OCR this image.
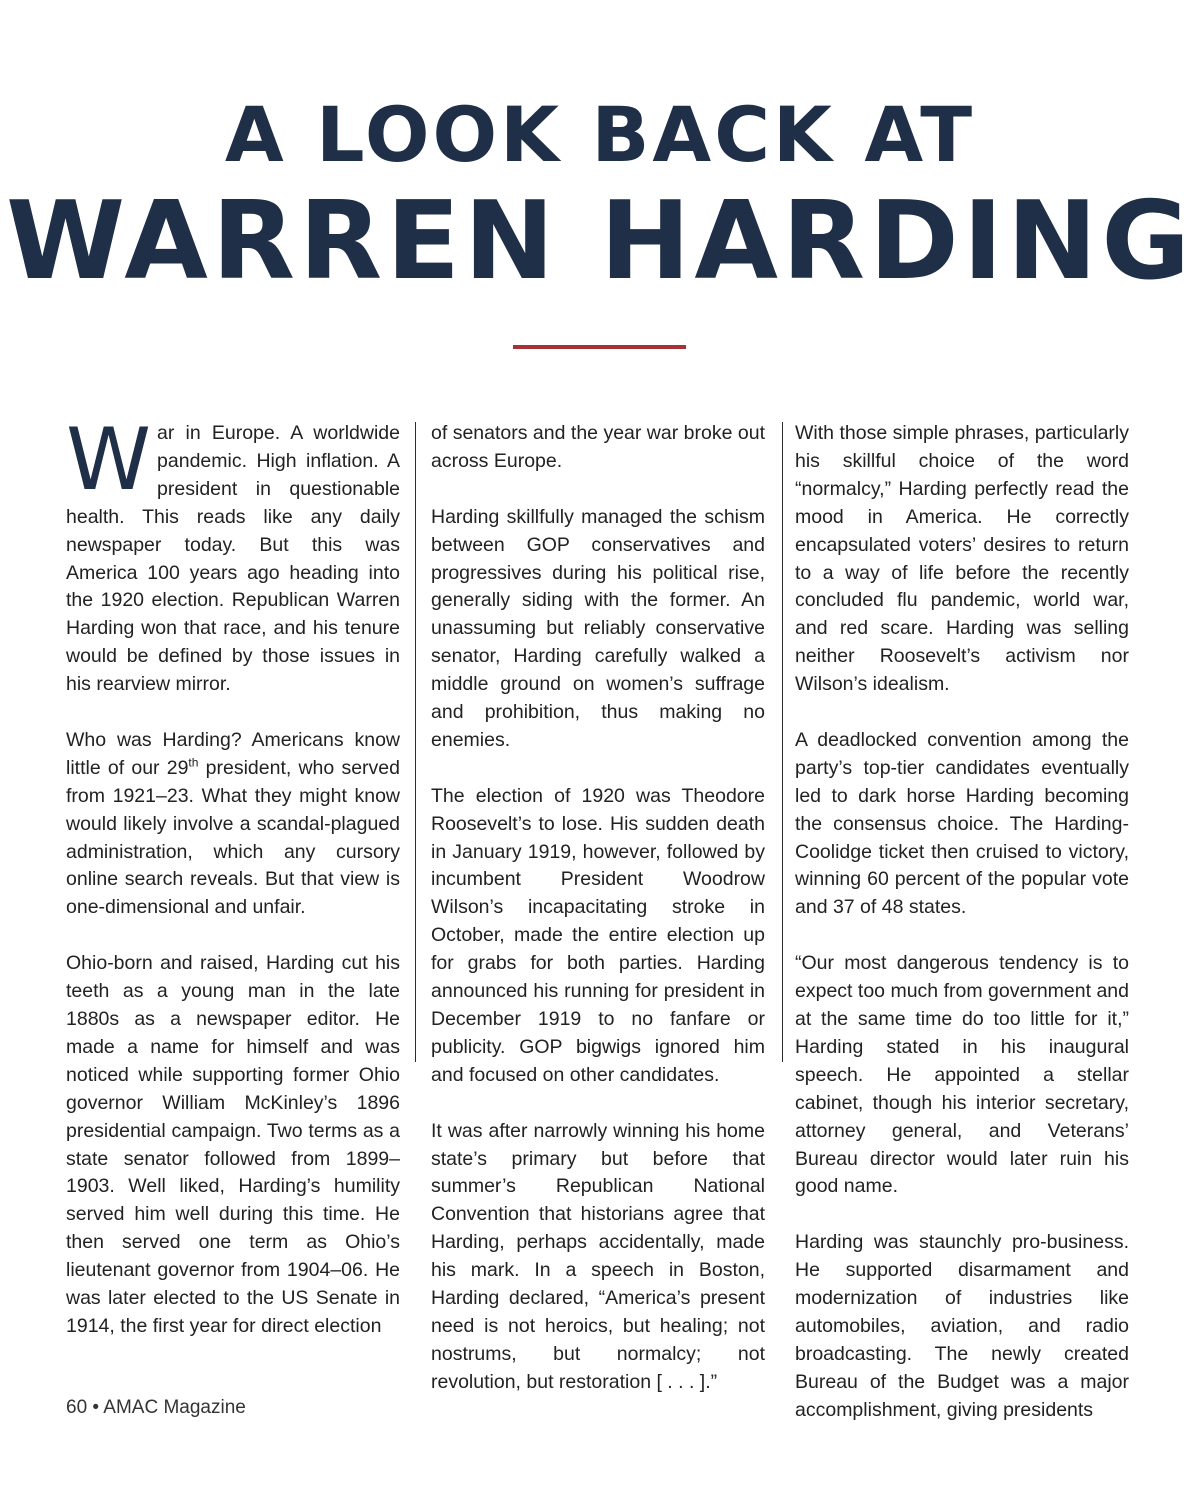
A LOOK BACK AT
WARREN HARDING

War in Europe. A worldwide pandemic. High inflation. A president in questionable health. This reads like any daily newspaper today. But this was America 100 years ago heading into the 1920 election. Republican Warren Harding won that race, and his tenure would be defined by those issues in his rearview mirror.

Who was Harding? Americans know little of our 29th president, who served from 1921–23. What they might know would likely involve a scandal-plagued administration, which any cursory online search reveals. But that view is one-dimensional and unfair.

Ohio-born and raised, Harding cut his teeth as a young man in the late 1880s as a newspaper editor. He made a name for himself and was noticed while supporting former Ohio governor William McKinley’s 1896 presidential campaign. Two terms as a state senator followed from 1899–1903. Well liked, Harding’s humility served him well during this time. He then served one term as Ohio’s lieutenant governor from 1904–06. He was later elected to the US Senate in 1914, the first year for direct election

of senators and the year war broke out across Europe.

Harding skillfully managed the schism between GOP conservatives and progressives during his political rise, generally siding with the former. An unassuming but reliably conservative senator, Harding carefully walked a middle ground on women’s suffrage and prohibition, thus making no enemies.

The election of 1920 was Theodore Roosevelt’s to lose. His sudden death in January 1919, however, followed by incumbent President Woodrow Wilson’s incapacitating stroke in October, made the entire election up for grabs for both parties. Harding announced his running for president in December 1919 to no fanfare or publicity. GOP bigwigs ignored him and focused on other candidates.

It was after narrowly winning his home state’s primary but before that summer’s Republican National Convention that historians agree that Harding, perhaps accidentally, made his mark. In a speech in Boston, Harding declared, “America’s present need is not heroics, but healing; not nostrums, but normalcy; not revolution, but restoration [ . . . ].”

With those simple phrases, particularly his skillful choice of the word “normalcy,” Harding perfectly read the mood in America. He correctly encapsulated voters’ desires to return to a way of life before the recently concluded flu pandemic, world war, and red scare. Harding was selling neither Roosevelt’s activism nor Wilson’s idealism.

A deadlocked convention among the party’s top-tier candidates eventually led to dark horse Harding becoming the consensus choice. The Harding-Coolidge ticket then cruised to victory, winning 60 percent of the popular vote and 37 of 48 states.

“Our most dangerous tendency is to expect too much from government and at the same time do too little for it,” Harding stated in his inaugural speech. He appointed a stellar cabinet, though his interior secretary, attorney general, and Veterans’ Bureau director would later ruin his good name.

Harding was staunchly pro-business. He supported disarmament and modernization of industries like automobiles, aviation, and radio broadcasting. The newly created Bureau of the Budget was a major accomplishment, giving presidents

60 • AMAC Magazine
